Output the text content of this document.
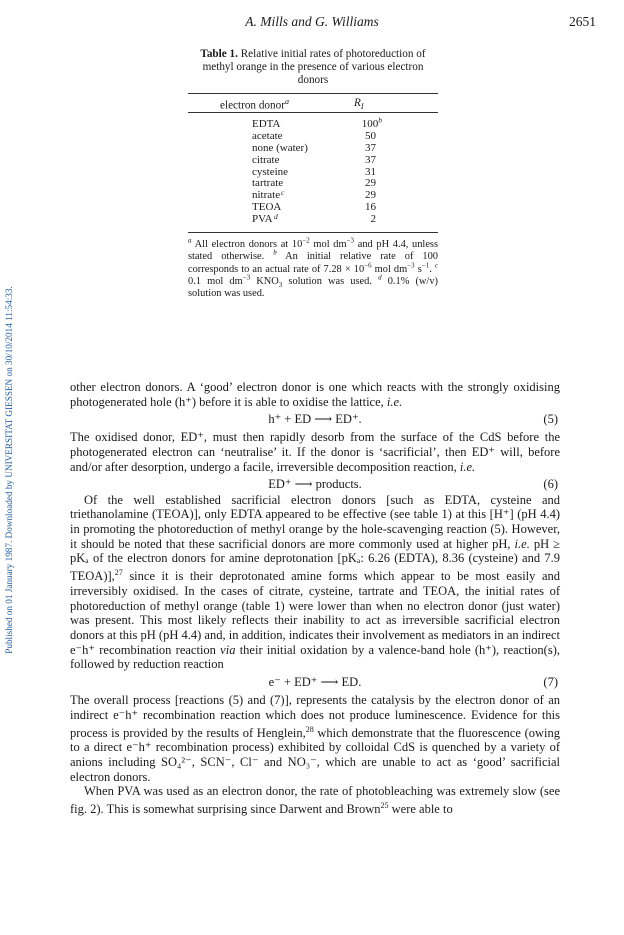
Published on 01 January 1987. Downloaded by UNIVERSITAT GIESSEN on 30/10/2014 11:54:33.
A. Mills and G. Williams	2651
Table 1. Relative initial rates of photoreduction of methyl orange in the presence of various electron donors
electron donor$^a$	$R_I$
EDTA	100$^b$
acetate	50
none (water)	37
citrate	37
cysteine	31
tartrate	29
nitrate c	29
TEOA	16
PVA d	2
$^a$ All electron donors at $10^{-2}$ mol $dm^{-3}$ and pH 4.4, unless stated otherwise. $^b$ An initial relative rate of 100 corresponds to an actual rate of $7.28 \times 10^{-6}$ mol $dm^{-3}$ $s^{-1}$. $^c$ 0.1 mol $dm^{-3}$ $KNO_3$ solution was used. $^d$ 0.1% (w/v) solution was used.

other electron donors. A ‘good’ electron donor is one which reacts with the strongly oxidising photogenerated hole (h⁺) before it is able to oxidise the lattice, i.e.

h⁺ + ED ⟶ ED⁺.	(5)

The oxidised donor, ED⁺, must then rapidly desorb from the surface of the CdS before the photogenerated electron can ‘neutralise’ it. If the donor is ‘sacrificial’, then ED⁺ will, before and/or after desorption, undergo a facile, irreversible decomposition reaction, i.e.

ED⁺ ⟶ products.	(6)

Of the well established sacrificial electron donors [such as EDTA, cysteine and triethanolamine (TEOA)], only EDTA appeared to be effective (see table 1) at this [H⁺] (pH 4.4) in promoting the photoreduction of methyl orange by the hole-scavenging reaction (5). However, it should be noted that these sacrificial donors are more commonly used at higher pH, i.e. pH ≥ pKₐ of the electron donors for amine deprotonation [pKₐ: 6.26 (EDTA), 8.36 (cysteine) and 7.9 TEOA)],$^{27}$ since it is their deprotonated amine forms which appear to be most easily and irreversibly oxidised. In the cases of citrate, cysteine, tartrate and TEOA, the initial rates of photoreduction of methyl orange (table 1) were lower than when no electron donor (just water) was present. This most likely reflects their inability to act as irreversible sacrificial electron donors at this pH (pH 4.4) and, in addition, indicates their involvement as mediators in an indirect e⁻h⁺ recombination reaction via their initial oxidation by a valence-band hole (h⁺), reaction(s), followed by reduction reaction

e⁻ + ED⁺ ⟶ ED.	(7)

The overall process [reactions (5) and (7)], represents the catalysis by the electron donor of an indirect e⁻h⁺ recombination reaction which does not produce luminescence. Evidence for this process is provided by the results of Henglein,$^{28}$ which demonstrate that the fluorescence (owing to a direct e⁻h⁺ recombination process) exhibited by colloidal CdS is quenched by a variety of anions including SO₄²⁻, SCN⁻, Cl⁻ and NO₃⁻, which are unable to act as ‘good’ sacrificial electron donors.

When PVA was used as an electron donor, the rate of photobleaching was extremely slow (see fig. 2). This is somewhat surprising since Darwent and Brown$^{25}$ were able to
